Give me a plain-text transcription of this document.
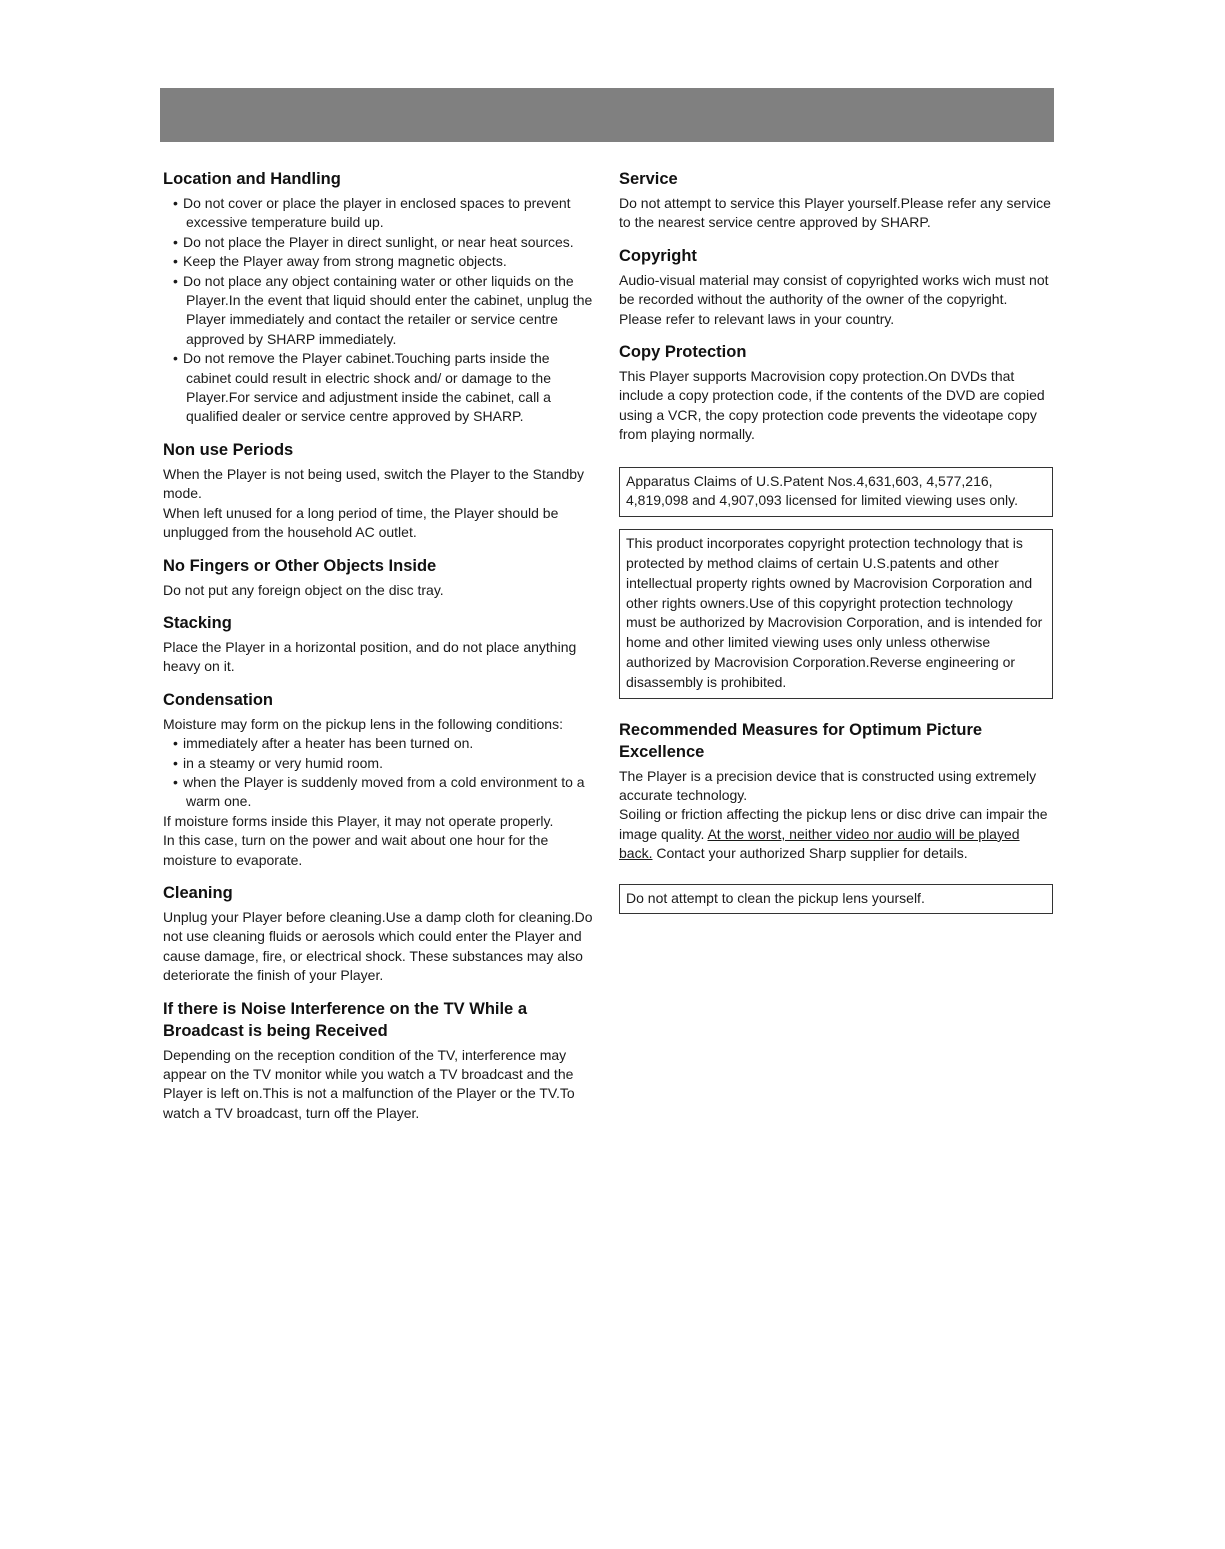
Location and Handling

• Do not cover or place the player in enclosed spaces to prevent excessive temperature build up.

• Do not place the Player in direct sunlight, or near heat sources.

• Keep the Player away from strong magnetic objects.

• Do not place any object containing water or other liquids on the Player.In the event that liquid should enter the cabinet, unplug the Player immediately and contact the retailer or service centre approved by SHARP immediately.

• Do not remove the Player cabinet.Touching parts inside the cabinet could result in electric shock and/ or damage to the Player.For service and adjustment inside the cabinet, call a qualified dealer or service centre approved by SHARP.

Non use Periods

When the Player is not being used, switch the Player to the Standby mode.

When left unused for a long period of time, the Player should be unplugged from the household AC outlet.

No Fingers or Other Objects Inside

Do not put any foreign object on the disc tray.

Stacking

Place the Player in a horizontal position, and do not place anything heavy on it.

Condensation

Moisture may form on the pickup lens in the following conditions:

• immediately after a heater has been turned on.

• in a steamy or very humid room.

• when the Player is suddenly moved from a cold environment to a warm one.

If moisture forms inside this Player, it may not operate properly.

In this case, turn on the power and wait about one hour for the moisture to evaporate.

Cleaning

Unplug your Player before cleaning.Use a damp cloth for cleaning.Do not use cleaning fluids or aerosols which could enter the Player and cause damage, fire, or electrical shock. These substances may also deteriorate the finish of your Player.

If there is Noise Interference on the TV While a Broadcast is being Received

Depending on the reception condition of the TV, interference may appear on the TV monitor while you watch a TV broadcast and the Player is left on.This is not a malfunction of the Player or the TV.To watch a TV broadcast, turn off the Player.

Service

Do not attempt to service this Player yourself.Please refer any service to the nearest service centre approved by SHARP.

Copyright

Audio-visual material may consist of copyrighted works wich must not be recorded without the authority of the owner of the copyright. Please refer to relevant laws in your country.

Copy Protection

This Player supports Macrovision copy protection.On DVDs that include a copy protection code, if the contents of the DVD are copied using a VCR, the copy protection code prevents the videotape copy from playing normally.

Apparatus Claims of U.S.Patent Nos.4,631,603, 4,577,216, 4,819,098 and 4,907,093 licensed for limited viewing uses only.

This product incorporates copyright protection technology that is protected by method claims of certain U.S.patents and other intellectual property rights owned by Macrovision Corporation and other rights owners.Use of this copyright protection technology must be authorized by Macrovision Corporation, and is intended for home and other limited viewing uses only unless otherwise authorized by Macrovision Corporation.Reverse engineering or disassembly is prohibited.

Recommended Measures for Optimum Picture Excellence

The Player is a precision device that is constructed using extremely accurate technology.

Soiling or friction affecting the pickup lens or disc drive can impair the image quality. At the worst, neither video nor audio will be played back. Contact your authorized Sharp supplier for details.

Do not attempt to clean the pickup lens yourself.
